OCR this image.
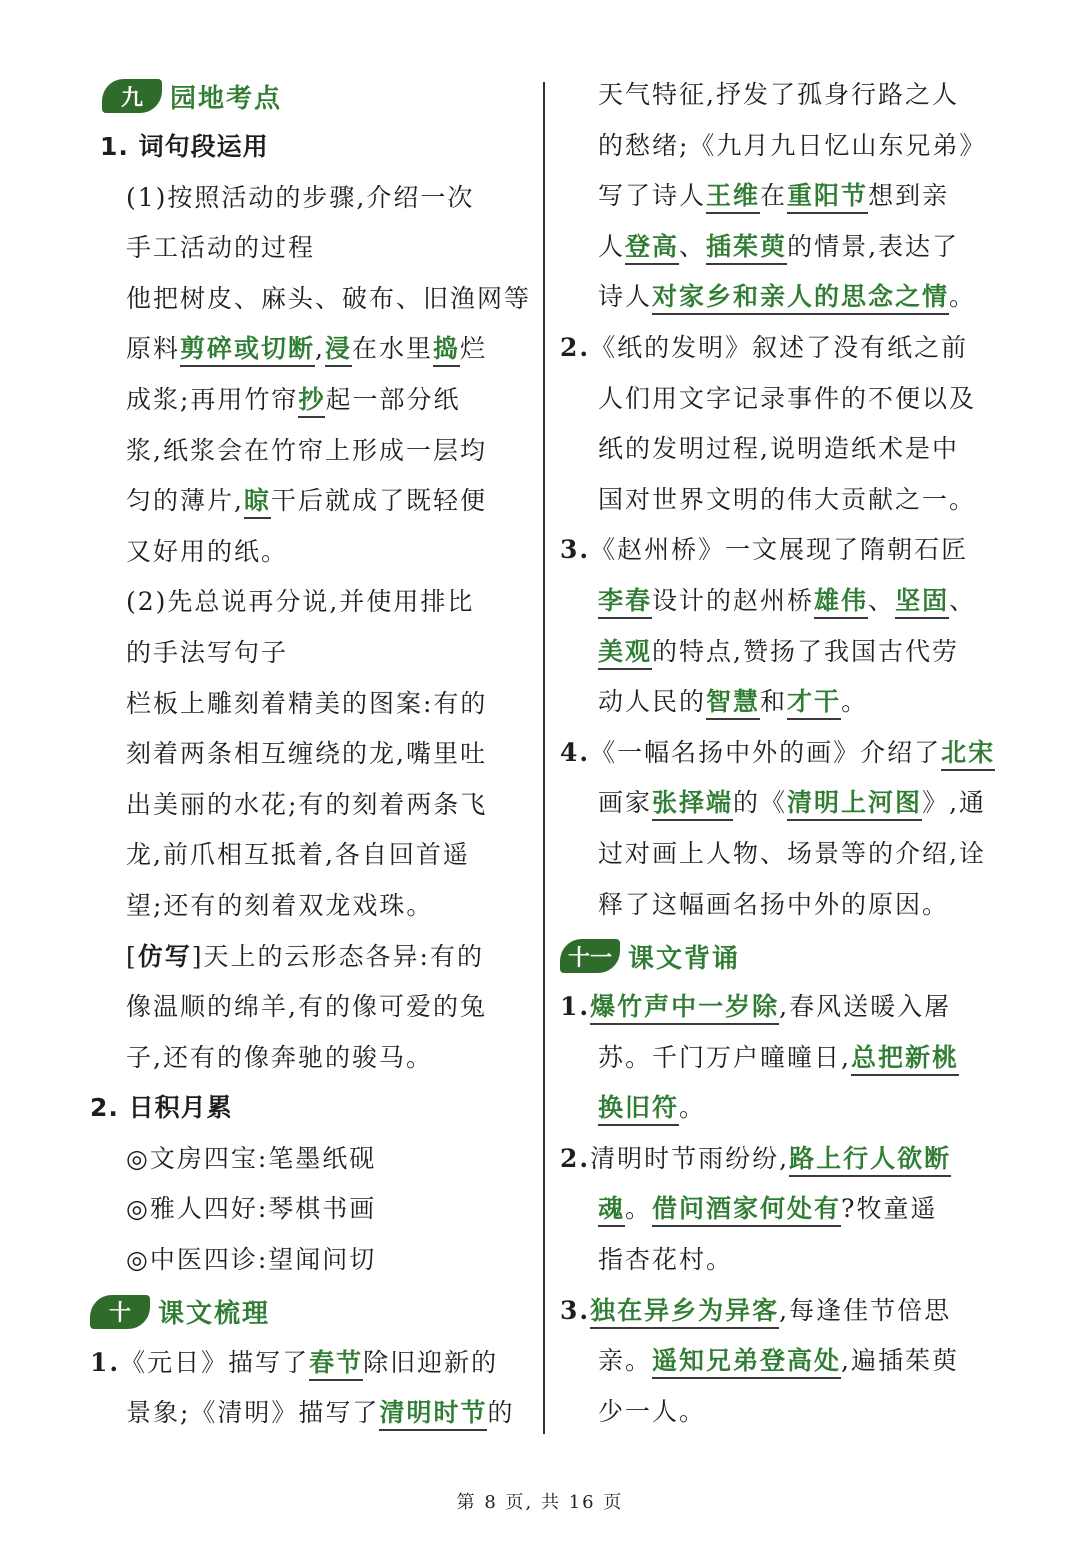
九	园地考点
1. 词句段运用
(1)按照活动的步骤,介绍一次
手工活动的过程
他把树皮、麻头、破布、旧渔网等
原料剪碎或切断,浸在水里捣烂
成浆;再用竹帘抄起一部分纸
浆,纸浆会在竹帘上形成一层均
匀的薄片,晾干后就成了既轻便
又好用的纸。
(2)先总说再分说,并使用排比
的手法写句子
栏板上雕刻着精美的图案:有的
刻着两条相互缠绕的龙,嘴里吐
出美丽的水花;有的刻着两条飞
龙,前爪相互抵着,各自回首遥
望;还有的刻着双龙戏珠。
[仿写]天上的云形态各异:有的
像温顺的绵羊,有的像可爱的兔
子,还有的像奔驰的骏马。
2. 日积月累
◎文房四宝:笔墨纸砚
◎雅人四好:琴棋书画
◎中医四诊:望闻问切
十	课文梳理
1.《元日》描写了春节除旧迎新的
景象;《清明》描写了清明时节的
天气特征,抒发了孤身行路之人
的愁绪;《九月九日忆山东兄弟》
写了诗人王维在重阳节想到亲
人登高、插茱萸的情景,表达了
诗人对家乡和亲人的思念之情。
2.《纸的发明》叙述了没有纸之前
人们用文字记录事件的不便以及
纸的发明过程,说明造纸术是中
国对世界文明的伟大贡献之一。
3.《赵州桥》一文展现了隋朝石匠
李春设计的赵州桥雄伟、坚固、
美观的特点,赞扬了我国古代劳
动人民的智慧和才干。
4.《一幅名扬中外的画》介绍了北宋
画家张择端的《清明上河图》,通
过对画上人物、场景等的介绍,诠
释了这幅画名扬中外的原因。
十一 课文背诵
1.爆竹声中一岁除,春风送暖入屠
苏。千门万户曈曈日,总把新桃
换旧符。
2.清明时节雨纷纷,路上行人欲断
魂。借问酒家何处有?牧童遥
指杏花村。
3.独在异乡为异客,每逢佳节倍思
亲。遥知兄弟登高处,遍插茱萸
少一人。
第 8 页, 共 16 页
